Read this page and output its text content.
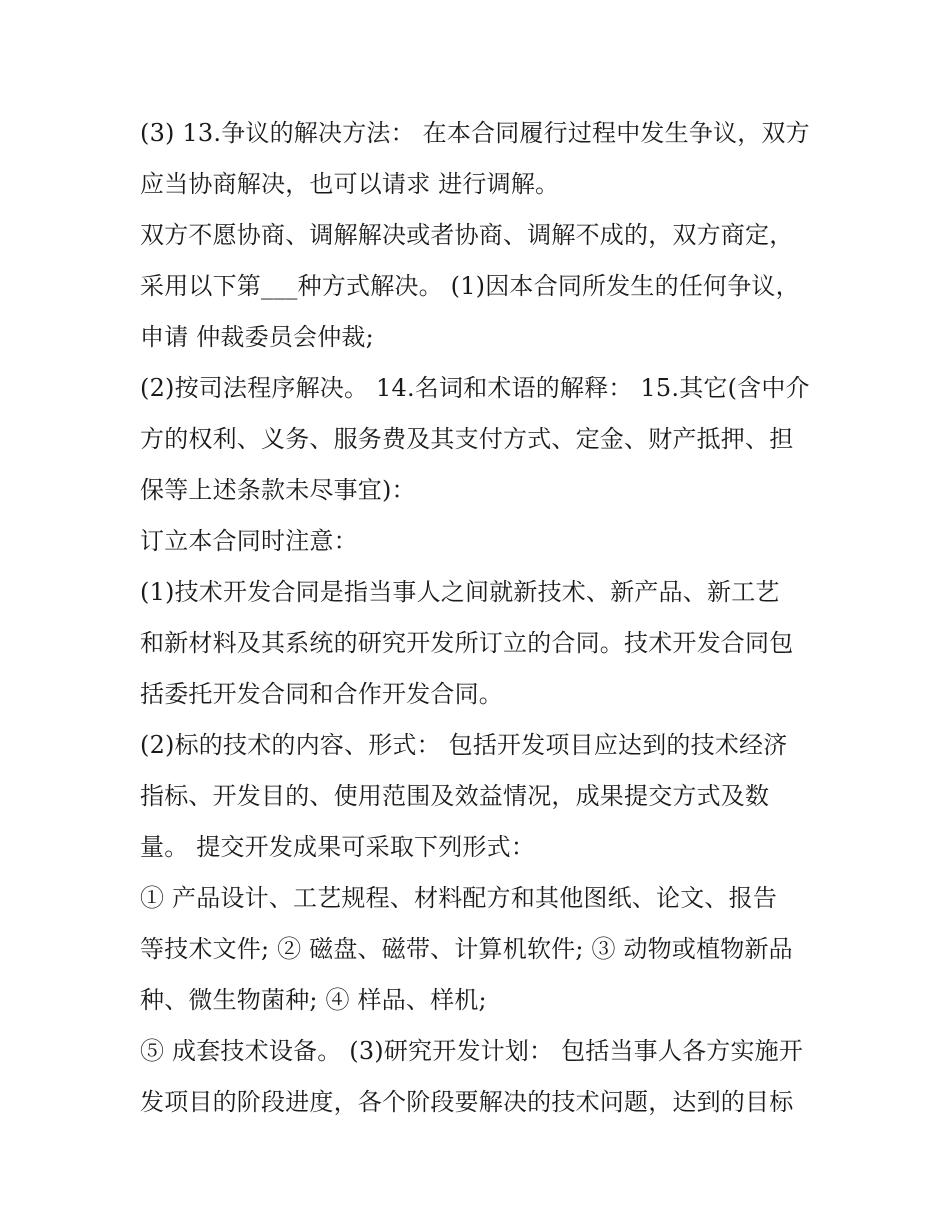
(3) 13.争议的解决方法： 在本合同履行过程中发生争议，双方
应当协商解决，也可以请求 进行调解。
双方不愿协商、调解解决或者协商、调解不成的，双方商定，
采用以下第___种方式解决。 (1)因本合同所发生的任何争议，
申请 仲裁委员会仲裁;
(2)按司法程序解决。 14.名词和术语的解释： 15.其它(含中介
方的权利、义务、服务费及其支付方式、定金、财产抵押、担
保等上述条款未尽事宜)：
订立本合同时注意：
(1)技术开发合同是指当事人之间就新技术、新产品、新工艺
和新材料及其系统的研究开发所订立的合同。技术开发合同包
括委托开发合同和合作开发合同。
(2)标的技术的内容、形式： 包括开发项目应达到的技术经济
指标、开发目的、使用范围及效益情况，成果提交方式及数
量。 提交开发成果可采取下列形式：
① 产品设计、工艺规程、材料配方和其他图纸、论文、报告
等技术文件; ② 磁盘、磁带、计算机软件; ③ 动物或植物新品
种、微生物菌种; ④ 样品、样机;
⑤ 成套技术设备。 (3)研究开发计划： 包括当事人各方实施开
发项目的阶段进度，各个阶段要解决的技术问题，达到的目标
